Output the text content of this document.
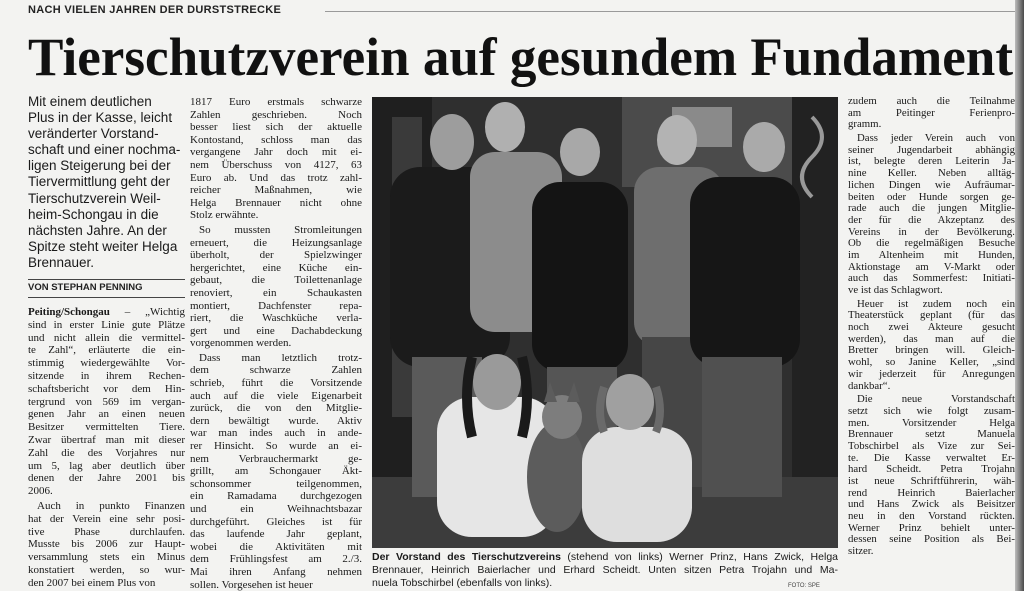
NACH VIELEN JAHREN DER DURSTSTRECKE
Tierschutzverein auf gesundem Fundament
Mit einem deutlichen
Plus in der Kasse, leicht
veränderter Vorstand-
schaft und einer nochma-
ligen Steigerung bei der
Tiervermittlung geht der
Tierschutzverein Weil-
heim-Schongau in die
nächsten Jahre. An der
Spitze steht weiter Helga
Brennauer.
VON STEPHAN PENNING
Peiting/Schongau – „Wichtig
sind in erster Linie gute Plätze
und nicht allein die vermittel-
te Zahl“, erläuterte die ein-
stimmig wiedergewählte Vor-
sitzende in ihrem Rechen-
schaftsbericht vor dem Hin-
tergrund von 569 im vergan-
genen Jahr an einen neuen
Besitzer vermittelten Tiere.
Zwar übertraf man mit dieser
Zahl die des Vorjahres nur
um 5, lag aber deutlich über
denen der Jahre 2001 bis
2006.
Auch in punkto Finanzen
hat der Verein eine sehr posi-
tive Phase durchlaufen.
Musste bis 2006 zur Haupt-
versammlung stets ein Minus
konstatiert werden, so wur-
den 2007 bei einem Plus von
1817 Euro erstmals schwarze
Zahlen geschrieben. Noch
besser liest sich der aktuelle
Kontostand, schloss man das
vergangene Jahr doch mit ei-
nem Überschuss von 4127, 63
Euro ab. Und das trotz zahl-
reicher Maßnahmen, wie
Helga Brennauer nicht ohne
Stolz erwähnte.
So mussten Stromleitungen
erneuert, die Heizungsanlage
überholt, der Spielzwinger
hergerichtet, eine Küche ein-
gebaut, die Toilettenanlage
renoviert, ein Schaukasten
montiert, Dachfenster repa-
riert, die Waschküche verla-
gert und eine Dachabdeckung
vorgenommen werden.
Dass man letztlich trotz-
dem schwarze Zahlen
schrieb, führt die Vorsitzende
auch auf die viele Eigenarbeit
zurück, die von den Mitglie-
dern bewältigt wurde. Aktiv
war man indes auch in ande-
rer Hinsicht. So wurde an ei-
nem Verbrauchermarkt ge-
grillt, am Schongauer Äkt-
schonsommer teilgenommen,
ein Ramadama durchgezogen
und ein Weihnachtsbazar
durchgeführt. Gleiches ist für
das laufende Jahr geplant,
wobei die Aktivitäten mit
dem Frühlingsfest am 2./3.
Mai ihren Anfang nehmen
sollen. Vorgesehen ist heuer
zudem auch die Teilnahme
am Peitinger Ferienpro-
gramm.
Dass jeder Verein auch von
seiner Jugendarbeit abhängig
ist, belegte deren Leiterin Ja-
nine Keller. Neben alltäg-
lichen Dingen wie Aufräumar-
beiten oder Hunde sorgen ge-
rade auch die jungen Mitglie-
der für die Akzeptanz des
Vereins in der Bevölkerung.
Ob die regelmäßigen Besuche
im Altenheim mit Hunden,
Aktionstage am V-Markt oder
auch das Sommerfest: Initiati-
ve ist das Schlagwort.
Heuer ist zudem noch ein
Theaterstück geplant (für das
noch zwei Akteure gesucht
werden), das man auf die
Bretter bringen will. Gleich-
wohl, so Janine Keller, „sind
wir jederzeit für Anregungen
dankbar“.
Die neue Vorstandschaft
setzt sich wie folgt zusam-
men. Vorsitzender Helga
Brennauer setzt Manuela
Tobschirbel als Vize zur Sei-
te. Die Kasse verwaltet Er-
hard Scheidt. Petra Trojahn
ist neue Schriftführerin, wäh-
rend Heinrich Baierlacher
und Hans Zwick als Beisitzer
neu in den Vorstand rückten.
Werner Prinz behielt unter-
dessen seine Position als Bei-
sitzer.
Der Vorstand des Tierschutzvereins (stehend von links) Werner Prinz, Hans Zwick, Helga
Brennauer, Heinrich Baierlacher und Erhard Scheidt. Unten sitzen Petra Trojahn und Ma-
nuela Tobschirbel (ebenfalls von links).	FOTO: SPE
